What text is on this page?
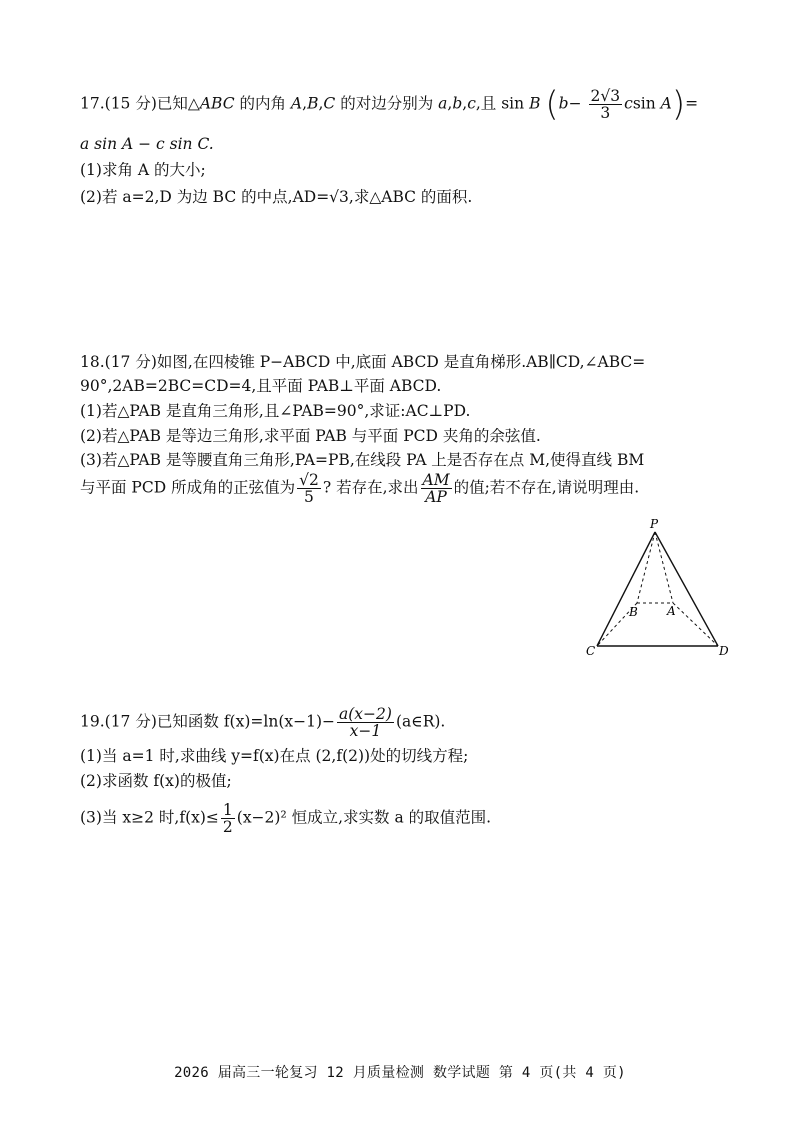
17.(15 分)已知△ABC 的内角 A,B,C 的对边分别为 a,b,c,且 sin B ($b- \frac{2√3}{3}$ csin A)=
a sin A − c sin C.
(1)求角 A 的大小;
(2)若 a=2,D 为边 BC 的中点,AD=√3,求△ABC 的面积.
18.(17 分)如图,在四棱锥 P−ABCD 中,底面 ABCD 是直角梯形.AB∥CD,∠ABC=
90°,2AB=2BC=CD=4,且平面 PAB⊥平面 ABCD.
(1)若△PAB 是直角三角形,且∠PAB=90°,求证:AC⊥PD.
(2)若△PAB 是等边三角形,求平面 PAB 与平面 PCD 夹角的余弦值.
(3)若△PAB 是等腰直角三角形,PA=PB,在线段 PA 上是否存在点 M,使得直线 BM
与平面 PCD 所成角的正弦值为 $\frac{√2}{5}$ ? 若存在,求出 $\frac{AM}{AP}$ 的值;若不存在,请说明理由.
P
B A
C	D
19.(17 分)已知函数 $f(x)=\ln(x-1)- \frac{a(x-2)}{x-1}$ (a∈R).
(1)当 a=1 时,求曲线 y=f(x)在点 (2,f(2))处的切线方程;
(2)求函数 f(x)的极值;
(3)当 x≥2 时$,f(x)\le \frac{1}{2} (x-2)^2$ 恒成立,求实数 a 的取值范围.
2026 届高三一轮复习 12 月质量检测 数学试题 第 4 页(共 4 页)
